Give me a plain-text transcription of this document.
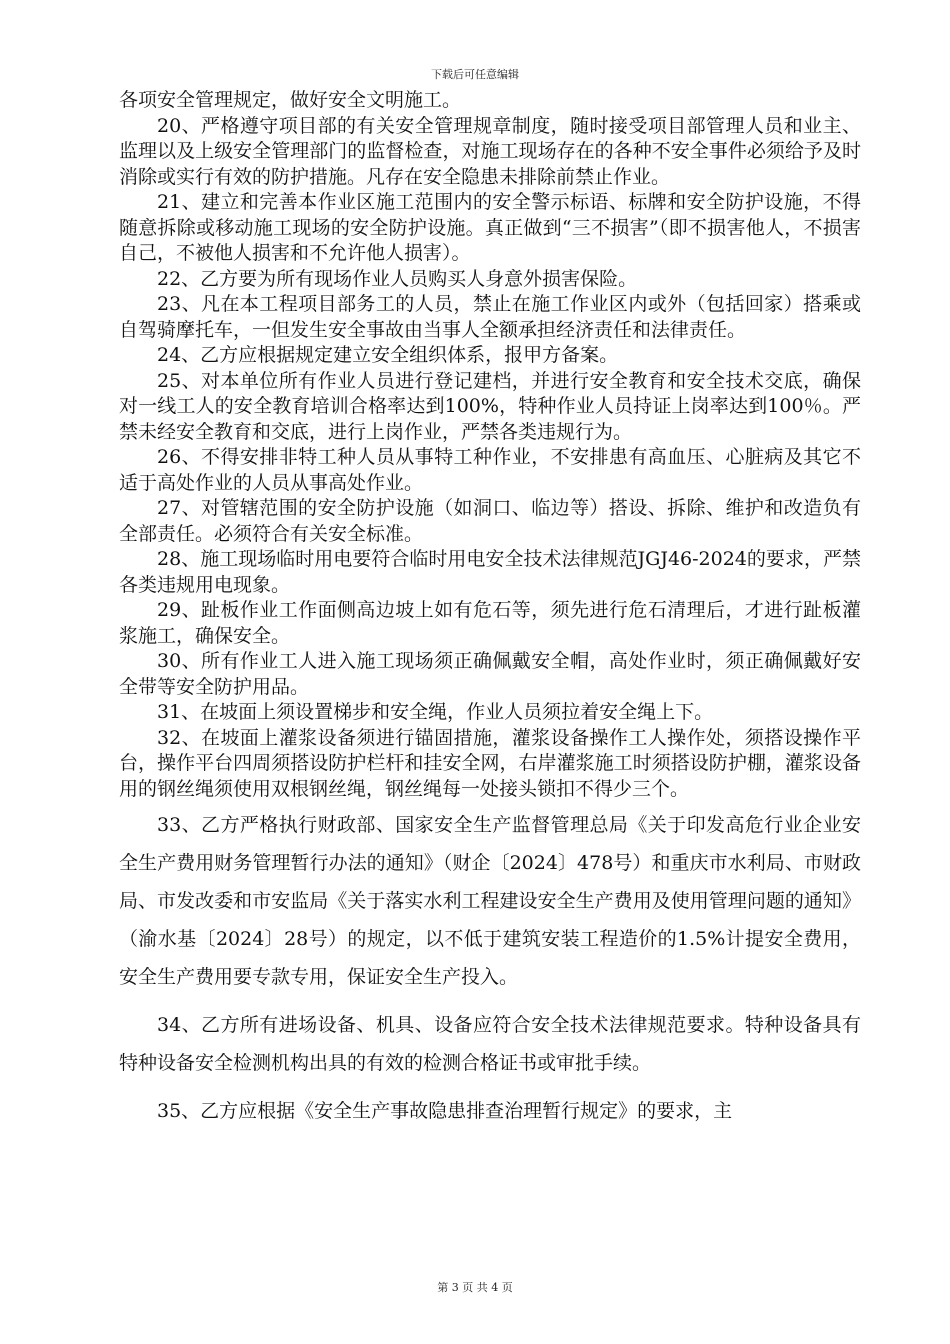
下载后可任意编辑

各项安全管理规定，做好安全文明施工。

20、严格遵守项目部的有关安全管理规章制度，随时接受项目部管理人员和业主、监理以及上级安全管理部门的监督检查，对施工现场存在的各种不安全事件必须给予及时消除或实行有效的防护措施。凡存在安全隐患未排除前禁止作业。

21、建立和完善本作业区施工范围内的安全警示标语、标牌和安全防护设施，不得随意拆除或移动施工现场的安全防护设施。真正做到“三不损害”（即不损害他人，不损害自己，不被他人损害和不允许他人损害）。

22、乙方要为所有现场作业人员购买人身意外损害保险。

23、凡在本工程项目部务工的人员，禁止在施工作业区内或外（包括回家）搭乘或自驾骑摩托车，一但发生安全事故由当事人全额承担经济责任和法律责任。

24、乙方应根据规定建立安全组织体系，报甲方备案。

25、对本单位所有作业人员进行登记建档，并进行安全教育和安全技术交底，确保对一线工人的安全教育培训合格率达到100%，特种作业人员持证上岗率达到100％。严禁未经安全教育和交底，进行上岗作业，严禁各类违规行为。

26、不得安排非特工种人员从事特工种作业，不安排患有高血压、心脏病及其它不适于高处作业的人员从事高处作业。

27、对管辖范围的安全防护设施（如洞口、临边等）搭设、拆除、维护和改造负有全部责任。必须符合有关安全标准。

28、施工现场临时用电要符合临时用电安全技术法律规范JGJ46-2024的要求，严禁各类违规用电现象。

29、趾板作业工作面侧高边坡上如有危石等，须先进行危石清理后，才进行趾板灌浆施工，确保安全。

30、所有作业工人进入施工现场须正确佩戴安全帽，高处作业时，须正确佩戴好安全带等安全防护用品。

31、在坡面上须设置梯步和安全绳，作业人员须拉着安全绳上下。

32、在坡面上灌浆设备须进行锚固措施，灌浆设备操作工人操作处，须搭设操作平台，操作平台四周须搭设防护栏杆和挂安全网，右岸灌浆施工时须搭设防护棚，灌浆设备用的钢丝绳须使用双根钢丝绳，钢丝绳每一处接头锁扣不得少三个。

33、乙方严格执行财政部、国家安全生产监督管理总局《关于印发高危行业企业安全生产费用财务管理暂行办法的通知》（财企〔2024〕478号）和重庆市水利局、市财政局、市发改委和市安监局《关于落实水利工程建设安全生产费用及使用管理问题的通知》（渝水基〔2024〕28号）的规定，以不低于建筑安装工程造价的1.5%计提安全费用，安全生产费用要专款专用，保证安全生产投入。

34、乙方所有进场设备、机具、设备应符合安全技术法律规范要求。特种设备具有特种设备安全检测机构出具的有效的检测合格证书或审批手续。

35、乙方应根据《安全生产事故隐患排查治理暂行规定》的要求，主

第 3 页 共 4 页
